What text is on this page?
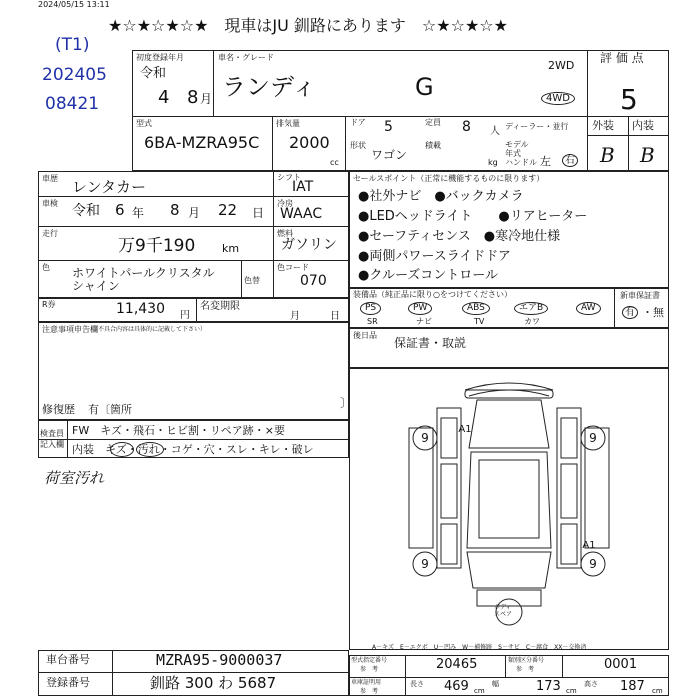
2024/05/15 13:11
★☆★☆★☆★　現車はJU 釧路にあります　☆★☆★☆★
(T1)
202405
08421
初度登録年月
令和
4 8 月
車名・グレード
ランディ	G
2WD
4WD
評 価 点
5
型式
6BA-MZRA95C
排気量
2000
cc
ドア 5	定員 8 人 ディーラー・並行
形状
ワゴン
積載
kg
モデル年式
ハンドル 左	右
外装 内装
B B
車歴 レンタカー
車検 令和 6 年 8 月 22 日
走行
万9千190 km
色 ホワイトパールクリスタル
シャイン	色替
シフト
IAT
冷房
WAAC
燃料
ガソリン
色コード
070
R券	11,430 円
名変期限
月	日
注意事項申告欄
（不具合内容は具体的に記載して下さい）
修復歴 有〔箇所	〕
検査員
記入欄
FW　キズ・飛石・ヒビ割・リペア跡・×要
内装　キズ・汚れ・コゲ・穴・スレ・キレ・破レ
荷室汚れ
セールスポイント（正常に機能するものに限ります）
●社外ナビ　●バックカメラ
●LEDヘッドライト　　●リアヒーター
●セーフティセンス　●寒冷地仕様
●両側パワースライドドア
●クルーズコントロール
装備品（純正品に限り○をつけてください）
PS
SR
PW
ナビ
ABS
TV
エアB
カワ
AW
新車保証書
有 ・無
後日品
保証書・取説
9	9
9	9
A1
A1
ボディ
スペア
A－キズ　E－エクボ　U－凹み　W－補修跡　S－サビ　C－腐食　XX－交換済
車台番号	MZRA95-9000037
登録番号	釧路 300 わ 5687
型式指定番号
参　考	20465	類別区分番号
参　考	0001
車庫証明用
参　考
長さ 469 cm
幅	173 cm
高さ 187 cm
